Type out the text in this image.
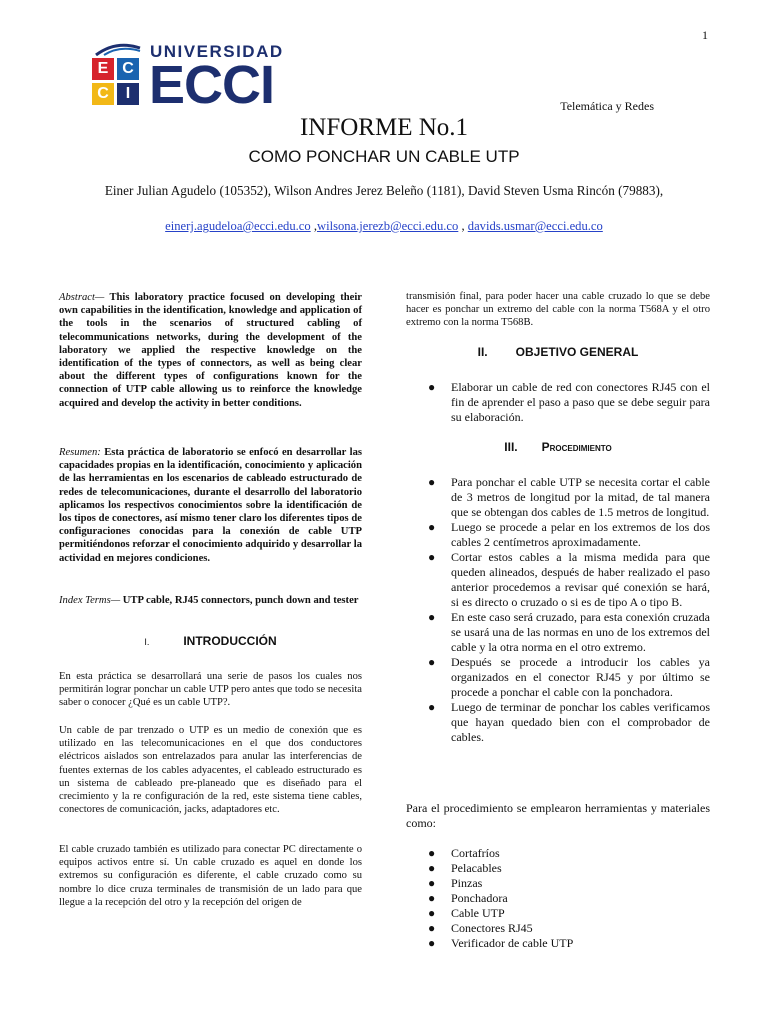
1
E C
C	I
UNIVERSIDAD
ECCI	Telemática y Redes
INFORME No.1
COMO PONCHAR UN CABLE UTP
Einer Julian Agudelo (105352), Wilson Andres Jerez Beleño (1181), David Steven Usma Rincón (79883),
einerj.agudeloa@ecci.edu.co ,wilsona.jerezb@ecci.edu.co , davids.usmar@ecci.edu.co

Abstract— This laboratory practice focused on developing their own capabilities in the identification, knowledge and application of the tools in the scenarios of structured cabling of telecommunications networks, during the development of the laboratory we applied the respective knowledge on the identification of the types of connectors, as well as being clear about the different types of configurations known for the connection of UTP cable allowing us to reinforce the knowledge acquired and develop the activity in better conditions.

Resumen: Esta práctica de laboratorio se enfocó en desarrollar las capacidades propias en la identificación, conocimiento y aplicación de las herramientas en los escenarios de cableado estructurado de redes de telecomunicaciones, durante el desarrollo del laboratorio aplicamos los respectivos conocimientos sobre la identificación de los tipos de conectores, así mismo tener claro los diferentes tipos de configuraciones conocidas para la conexión de cable UTP permitiéndonos reforzar el conocimiento adquirido y desarrollar la actividad en mejores condiciones.

Index Terms— UTP cable, RJ45 connectors, punch down and tester

I.	INTRODUCCIÓN
En esta práctica se desarrollará una serie de pasos los cuales nos permitirán lograr ponchar un cable UTP pero antes que todo se necesita saber o conocer ¿Qué es un cable UTP?.
Un cable de par trenzado o UTP es un medio de conexión que es utilizado en las telecomunicaciones en el que dos conductores eléctricos aislados son entrelazados para anular las interferencias de fuentes externas de los cables adyacentes, el cableado estructurado es un sistema de cableado pre-planeado que es diseñado para el crecimiento y la re configuración de la red, este sistema tiene cables, conectores de comunicación, jacks, adaptadores etc.
El cable cruzado también es utilizado para conectar PC directamente o equipos activos entre sí. Un cable cruzado es aquel en donde los extremos su configuración es diferente, el cable cruzado como su nombre lo dice cruza terminales de transmisión de un lado para que llegue a la recepción del otro y la recepción del origen de
transmisión final, para poder hacer una cable cruzado lo que se debe hacer es ponchar un extremo del cable con la norma T568A y el otro extremo con la norma T568B.
II. OBJETIVO GENERAL
● Elaborar un cable de red con conectores RJ45 con el fin de aprender el paso a paso que se debe seguir para su elaboración.
III. Procedimiento
● Para ponchar el cable UTP se necesita cortar el cable de 3 metros de longitud por la mitad, de tal manera que se obtengan dos cables de 1.5 metros de longitud.
● Luego se procede a pelar en los extremos de los dos cables 2 centímetros aproximadamente.
● Cortar estos cables a la misma medida para que queden alineados, después de haber realizado el paso anterior procedemos a revisar qué conexión se hará, si es directo o cruzado o si es de tipo A o tipo B.
● En este caso será cruzado, para esta conexión cruzada se usará una de las normas en uno de los extremos del cable y la otra norma en el otro extremo.
● Después se procede a introducir los cables ya organizados en el conector RJ45 y por último se procede a ponchar el cable con la ponchadora.
● Luego de terminar de ponchar los cables verificamos que hayan quedado bien con el comprobador de cables.
Para el procedimiento se emplearon herramientas y materiales como:
● Cortafríos
● Pelacables
● Pinzas
● Ponchadora
● Cable UTP
● Conectores RJ45
● Verificador de cable UTP
